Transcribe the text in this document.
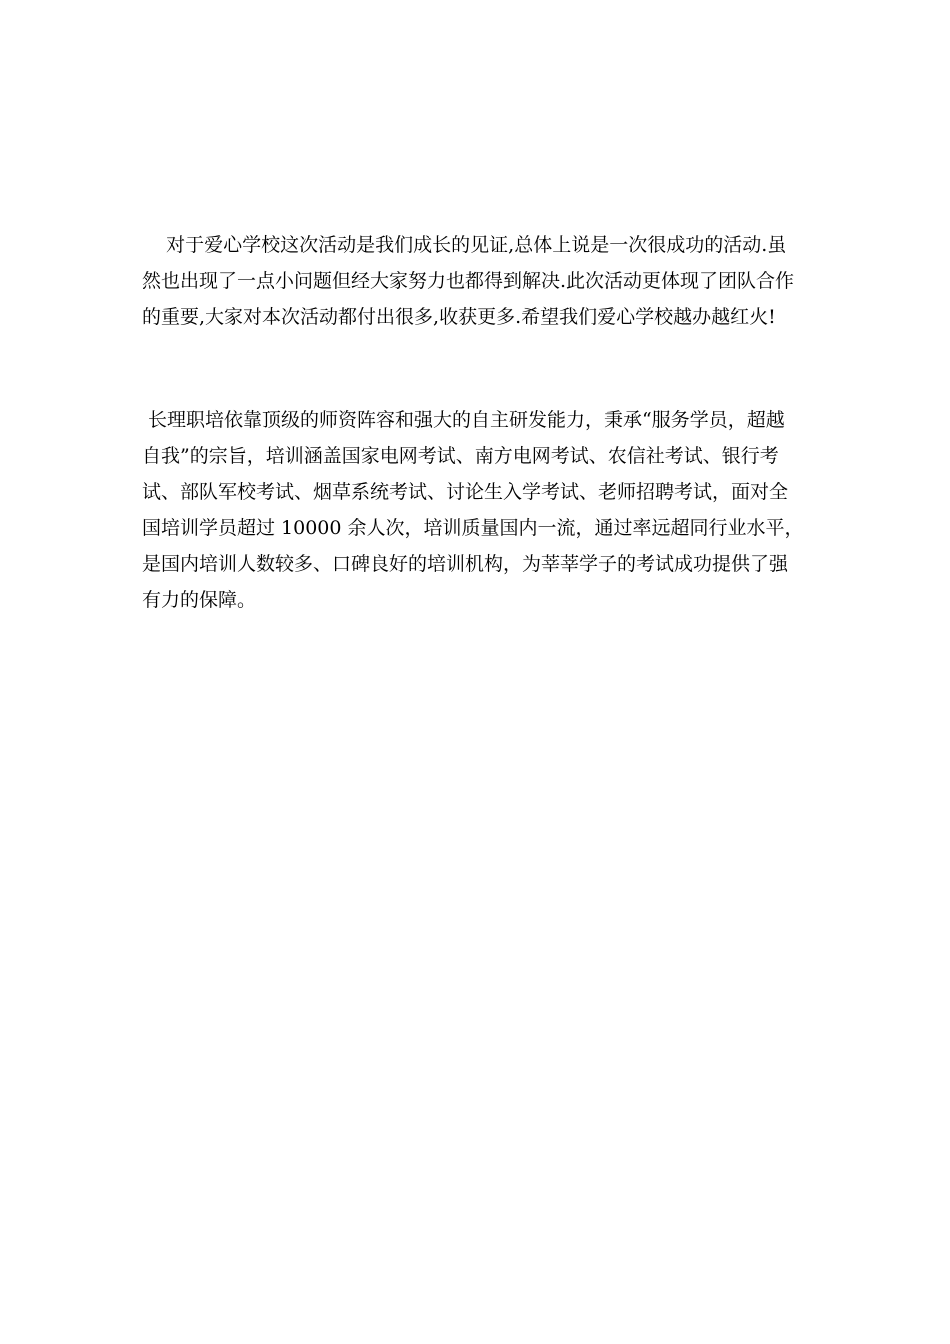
对于爱心学校这次活动是我们成长的见证,总体上说是一次很成功的活动.虽
然也出现了一点小问题但经大家努力也都得到解决.此次活动更体现了团队合作
的重要,大家对本次活动都付出很多,收获更多.希望我们爱心学校越办越红火!
长理职培依靠顶级的师资阵容和强大的自主研发能力，秉承“服务学员，超越
自我”的宗旨，培训涵盖国家电网考试、南方电网考试、农信社考试、银行考
试、部队军校考试、烟草系统考试、讨论生入学考试、老师招聘考试，面对全
国培训学员超过 10000 余人次，培训质量国内一流，通过率远超同行业水平，
是国内培训人数较多、口碑良好的培训机构，为莘莘学子的考试成功提供了强
有力的保障。
